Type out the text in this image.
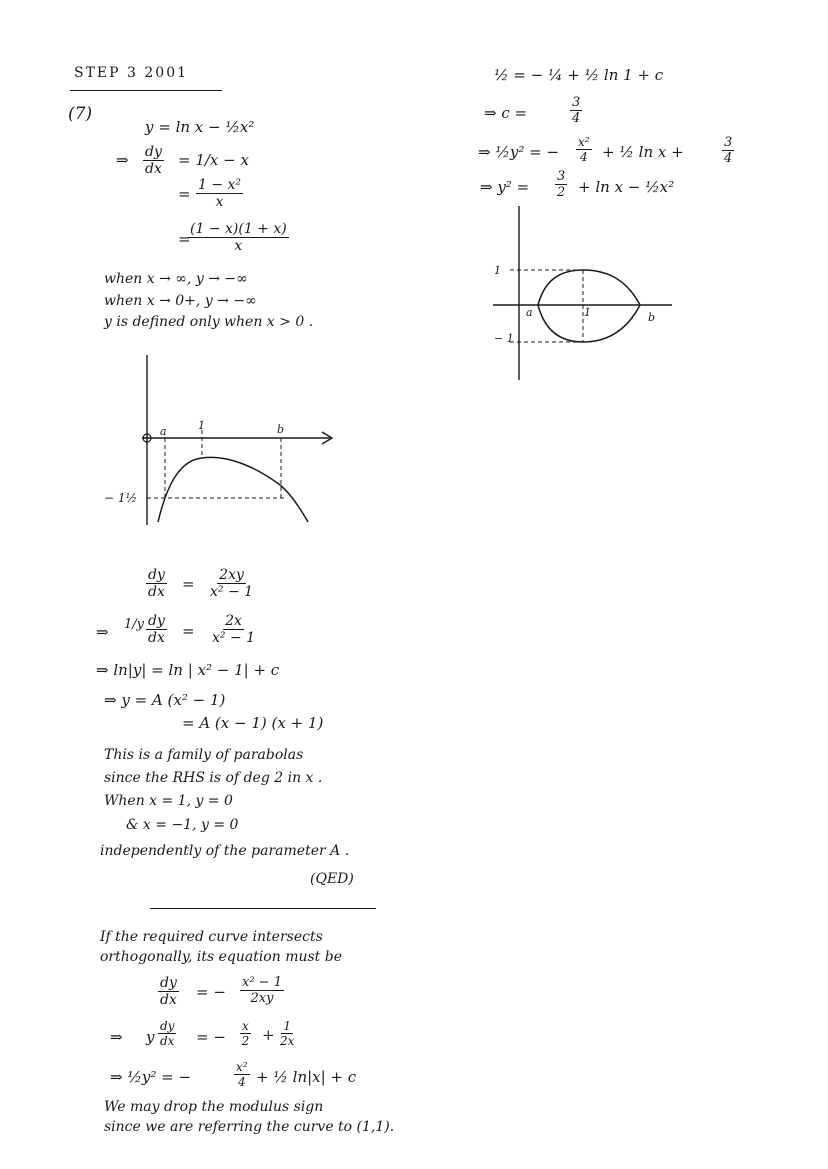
STEP 3 2001
(7)
y = ln x − ½x²
⇒ $\frac{dy}{dx} = 1/x - x$
= $\frac{\text{1 − x²}}{x}$
=
$\frac{(1 - x)(1 + x)}{x}$
when x → ∞, y → −∞
when x → 0+, y → −∞
y is defined only when x > 0 .
a	1	b
− 1½
$\frac{dy}{dx} = \frac{2xy}{\text{x² − 1}}$
⇒ $1/y \frac{dy}{dx} = \frac{2x}{\text{x² − 1}}$
⇒ ln|y| = ln | x² − 1| + c
⇒ y = A (x² − 1)
= A (x − 1) (x + 1)
This is a family of parabolas
since the RHS is of deg 2 in x .
When x = 1, y = 0
& x = −1, y = 0
independently of the parameter A .
(QED)
If the required curve intersects
orthogonally, its equation must be
$\frac{dy}{dx}$ = − $\frac{\text{x² − 1}}{2xy}$
⇒ y $\frac{dy}{dx}$ = − $\frac{x}{2} + \frac{1}{2x}$
⇒ ½y² = −	$\frac{\text{x²}}{4}$ + ½ ln|x| + c
We may drop the modulus sign
since we are referring the curve to (1,1).
½ = − ¼ + ½ ln 1 + c
⇒ c =	$\frac{3}{4}$
⇒ ½y² = − $\frac{\text{x²}}{4}$ + ½ ln x +	$\frac{3}{4}$
⇒ $y^2 = \frac{3}{2} + \ln x$ − ½x²
1
− 1
a	1	b
